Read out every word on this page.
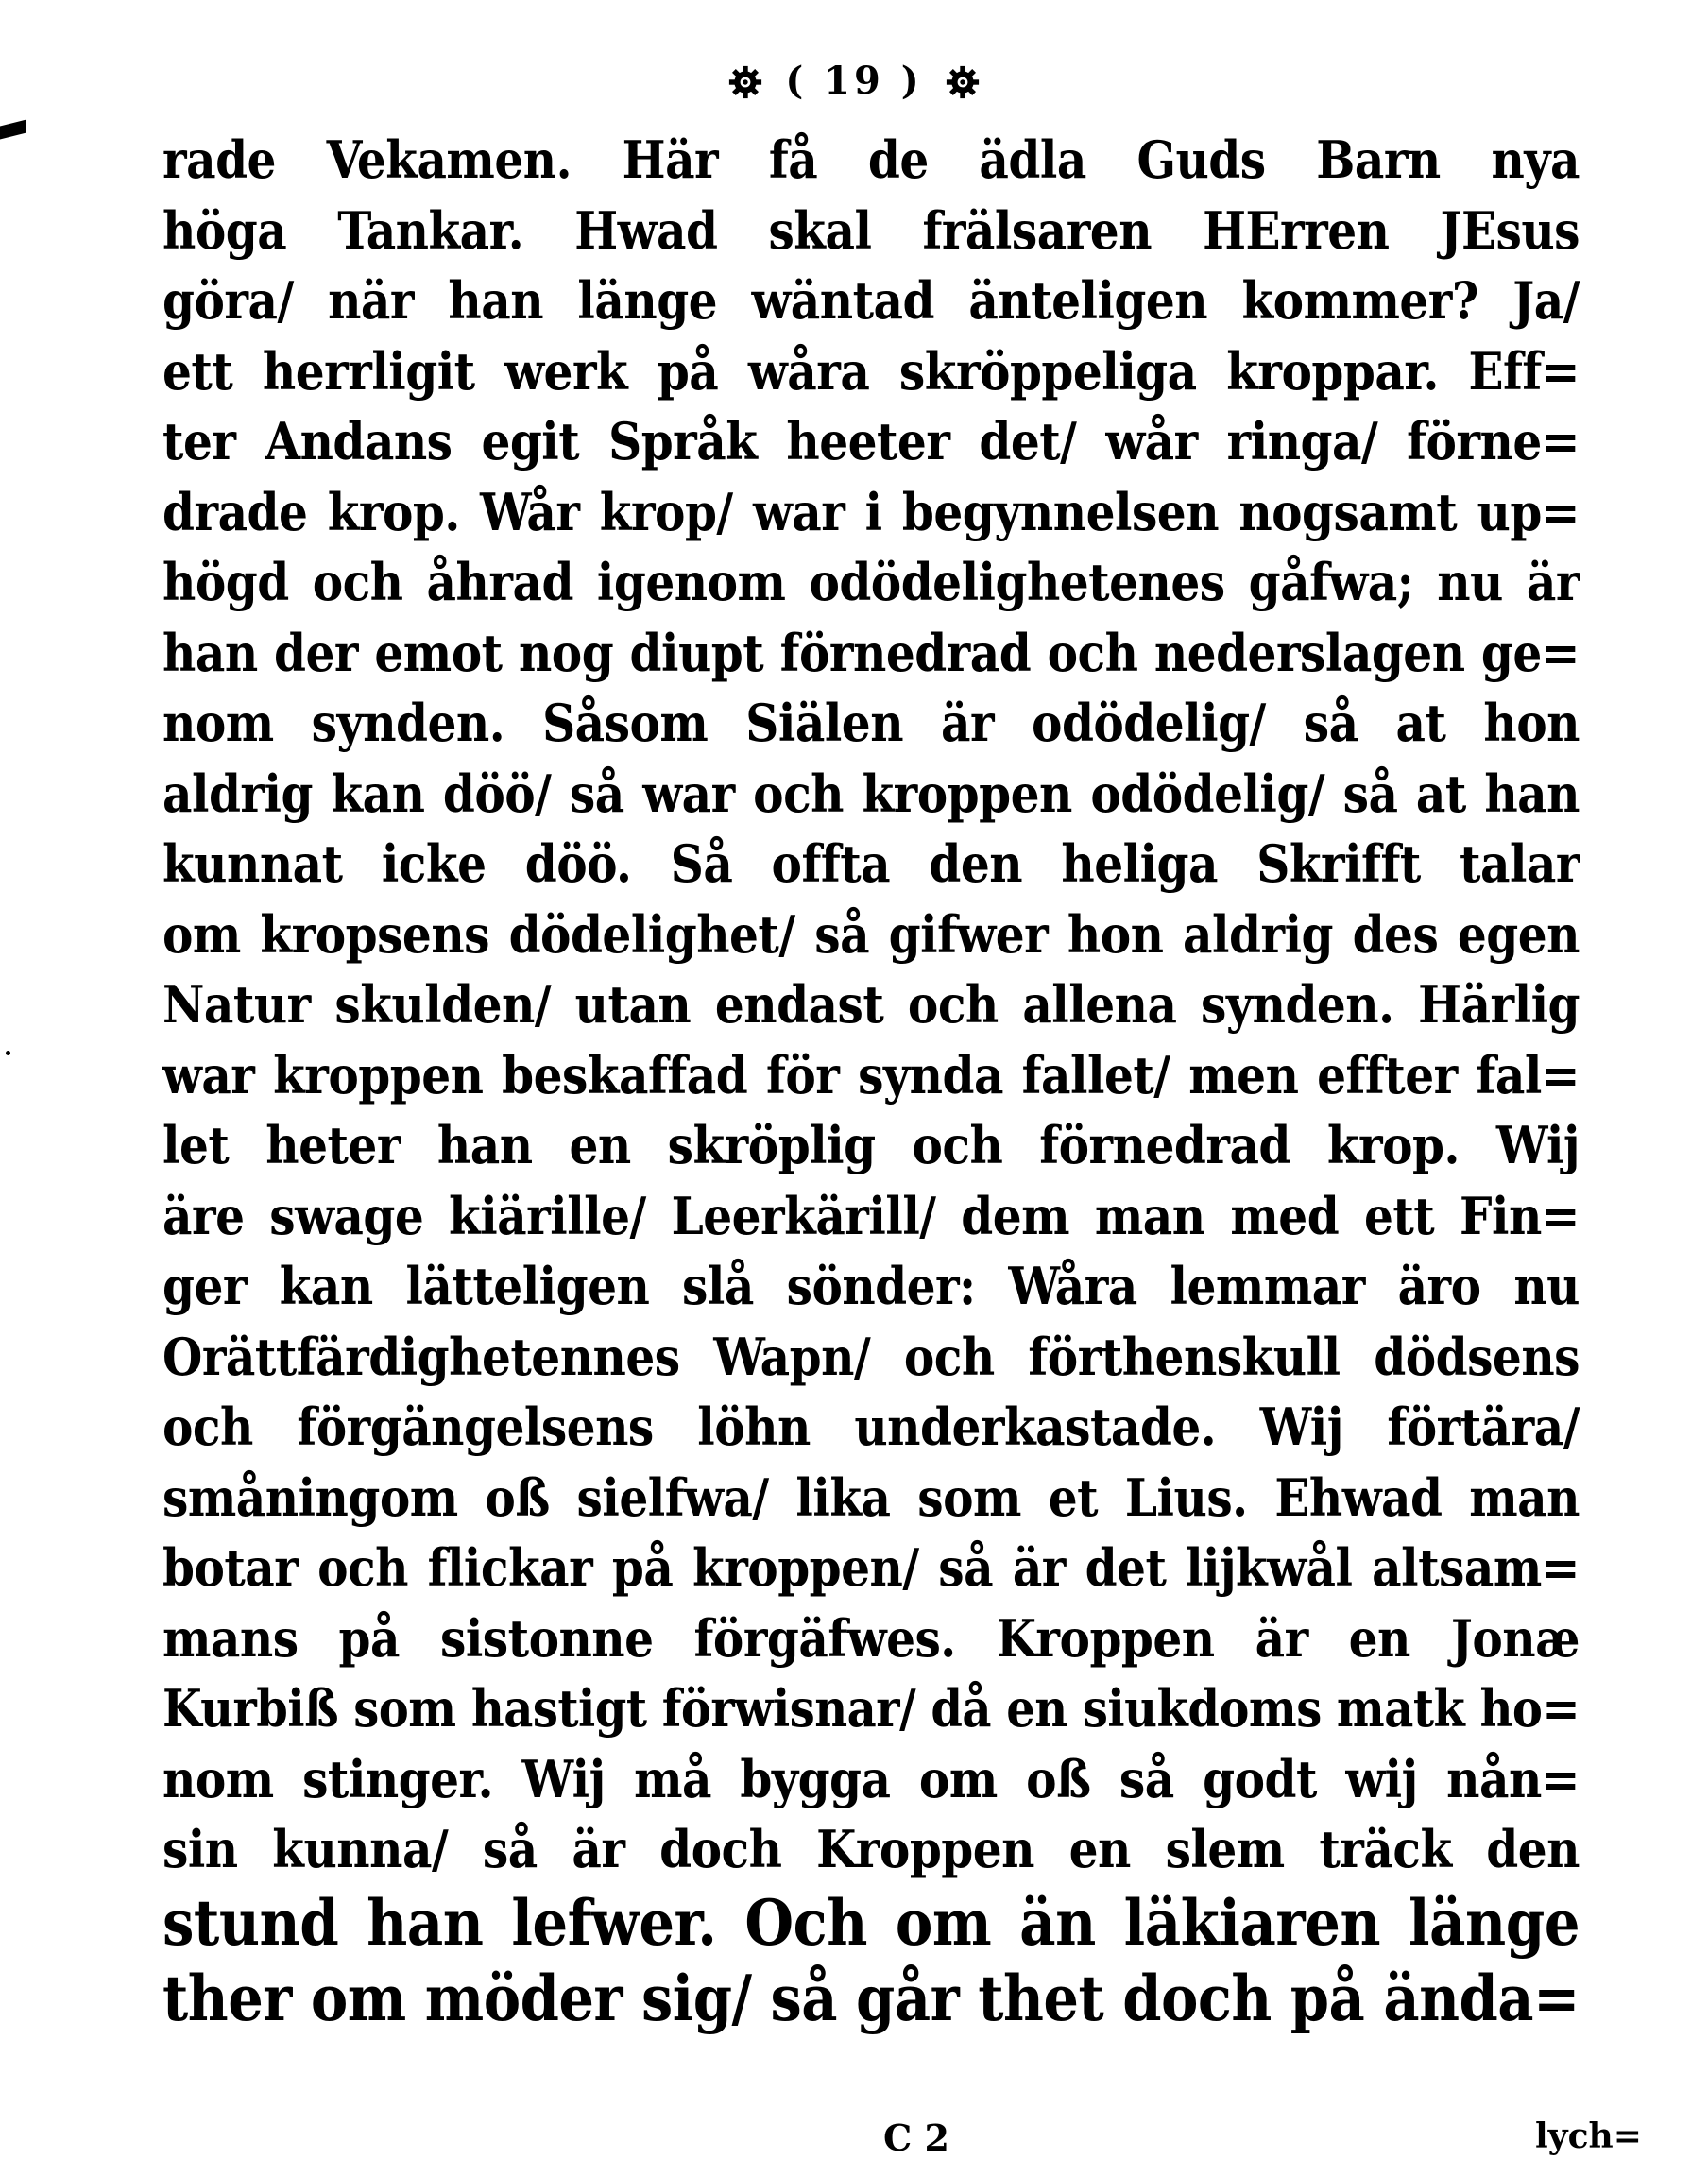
( 19 )
rade Vekamen. Här få de ädla Guds Barn nya
höga Tankar. Hwad skal frälsaren HErren JEsus
göra/ när han länge wäntad änteligen kommer? Ja/
ett herrligit werk på wåra skröppeliga kroppar. Eff=
ter Andans egit Språk heeter det/ wår ringa/ förne=
drade krop. Wår krop/ war i begynnelsen nogsamt up=
högd och åhrad igenom odödelighetenes gåfwa; nu är
han der emot nog diupt förnedrad och nederslagen ge=
nom synden. Såsom Siälen är odödelig/ så at hon
aldrig kan döö/ så war och kroppen odödelig/ så at han
kunnat icke döö. Så offta den heliga Skrifft talar
om kropsens dödelighet/ så gifwer hon aldrig des egen
Natur skulden/ utan endast och allena synden. Härlig
war kroppen beskaffad för synda fallet/ men effter fal=
let heter han en skröplig och förnedrad krop. Wij
äre swage kiärille/ Leerkärill/ dem man med ett Fin=
ger kan lätteligen slå sönder: Wåra lemmar äro nu
Orättfärdighetennes Wapn/ och förthenskull dödsens
och förgängelsens löhn underkastade. Wij förtära/
småningom oß sielfwa/ lika som et Lius. Ehwad man
botar och flickar på kroppen/ så är det lijkwål altsam=
mans på sistonne förgäfwes. Kroppen är en Jonæ
Kurbiß som hastigt förwisnar/ då en siukdoms matk ho=
nom stinger. Wij må bygga om oß så godt wij nån=
sin kunna/ så är doch Kroppen en slem träck den
stund han lefwer. Och om än läkiaren länge
ther om möder sig/ så går thet doch på ända=
C 2	lych=
